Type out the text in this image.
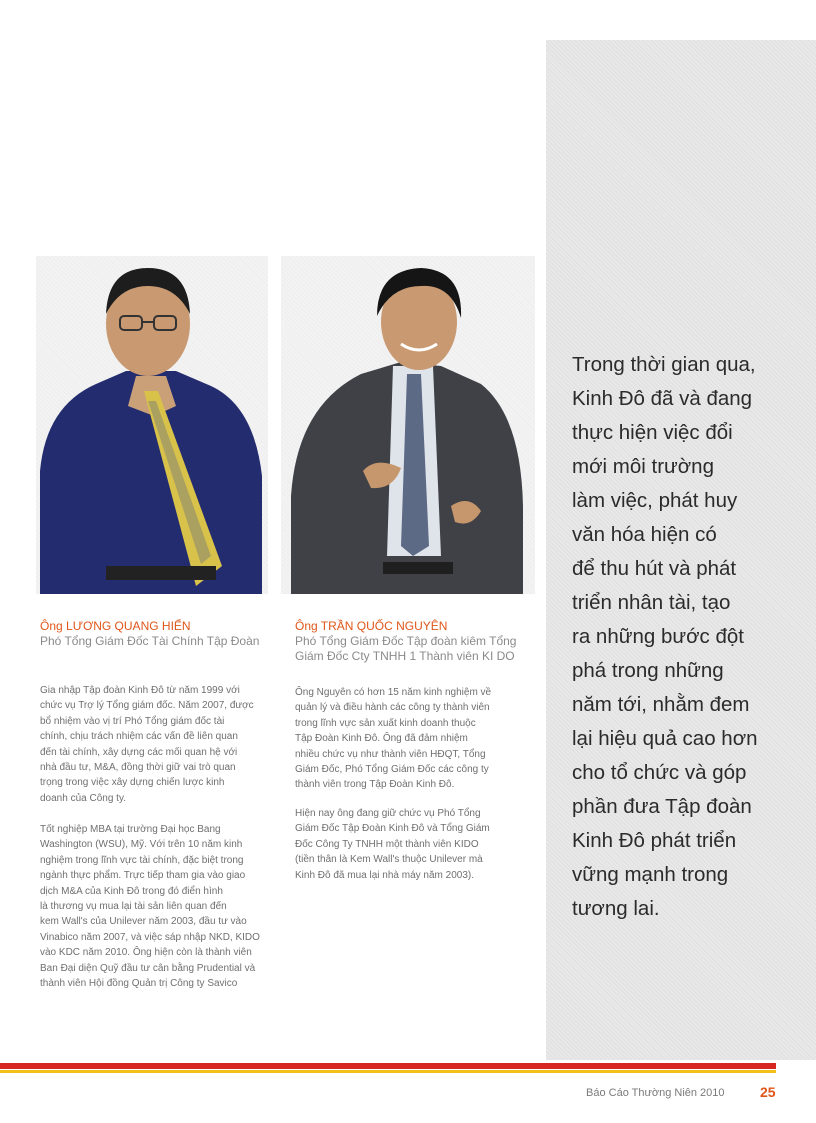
Trong thời gian qua,
Kinh Đô đã và đang
thực hiện việc đổi
mới môi trường
làm việc, phát huy
văn hóa hiện có
để thu hút và phát
triển nhân tài, tạo
ra những bước đột
phá trong những
năm tới, nhằm đem
lại hiệu quả cao hơn
cho tổ chức và góp
phần đưa Tập đoàn
Kinh Đô phát triển
vững mạnh trong
tương lai.

Ông LƯƠNG QUANG HIỂN

Phó Tổng Giám Đốc Tài Chính Tập Đoàn

Gia nhập Tập đoàn Kinh Đô từ năm 1999 với
chức vụ Trợ lý Tổng giám đốc. Năm 2007, được
bổ nhiệm vào vị trí Phó Tổng giám đốc tài
chính, chịu trách nhiệm các vấn đề liên quan
đến tài chính, xây dựng các mối quan hệ với
nhà đầu tư, M&A, đồng thời giữ vai trò quan
trọng trong việc xây dựng chiến lược kinh
doanh của Công ty.

Tốt nghiệp MBA tại trường Đại học Bang
Washington (WSU), Mỹ. Với trên 10 năm kinh
nghiệm trong lĩnh vực tài chính, đặc biệt trong
ngành thực phẩm. Trực tiếp tham gia vào giao
dịch M&A của Kinh Đô trong đó điển hình
là thương vụ mua lại tài sản liên quan đến
kem Wall's của Unilever năm 2003, đầu tư vào
Vinabico năm 2007, và việc sáp nhập NKD, KIDO
vào KDC năm 2010. Ông hiện còn là thành viên
Ban Đại diện Quỹ đầu tư cân bằng Prudential và
thành viên Hội đồng Quản trị Công ty Savico

Ông TRẦN QUỐC NGUYÊN

Phó Tổng Giám Đốc Tập đoàn kiêm Tổng
Giám Đốc Cty TNHH 1 Thành viên KI DO

Ông Nguyên có hơn 15 năm kinh nghiệm về
quản lý và điều hành các công ty thành viên
trong lĩnh vực sản xuất kinh doanh thuộc
Tập Đoàn Kinh Đô. Ông đã đảm nhiệm
nhiều chức vụ như thành viên HĐQT, Tổng
Giám Đốc, Phó Tổng Giám Đốc các công ty
thành viên trong Tập Đoàn Kinh Đô.

Hiện nay ông đang giữ chức vụ Phó Tổng
Giám Đốc Tập Đoàn Kinh Đô và Tổng Giám
Đốc Công Ty TNHH một thành viên KIDO
(tiền thân là Kem Wall's thuộc Unilever mà
Kinh Đô đã mua lại nhà máy năm 2003).

Báo Cáo Thường Niên 2010	25
